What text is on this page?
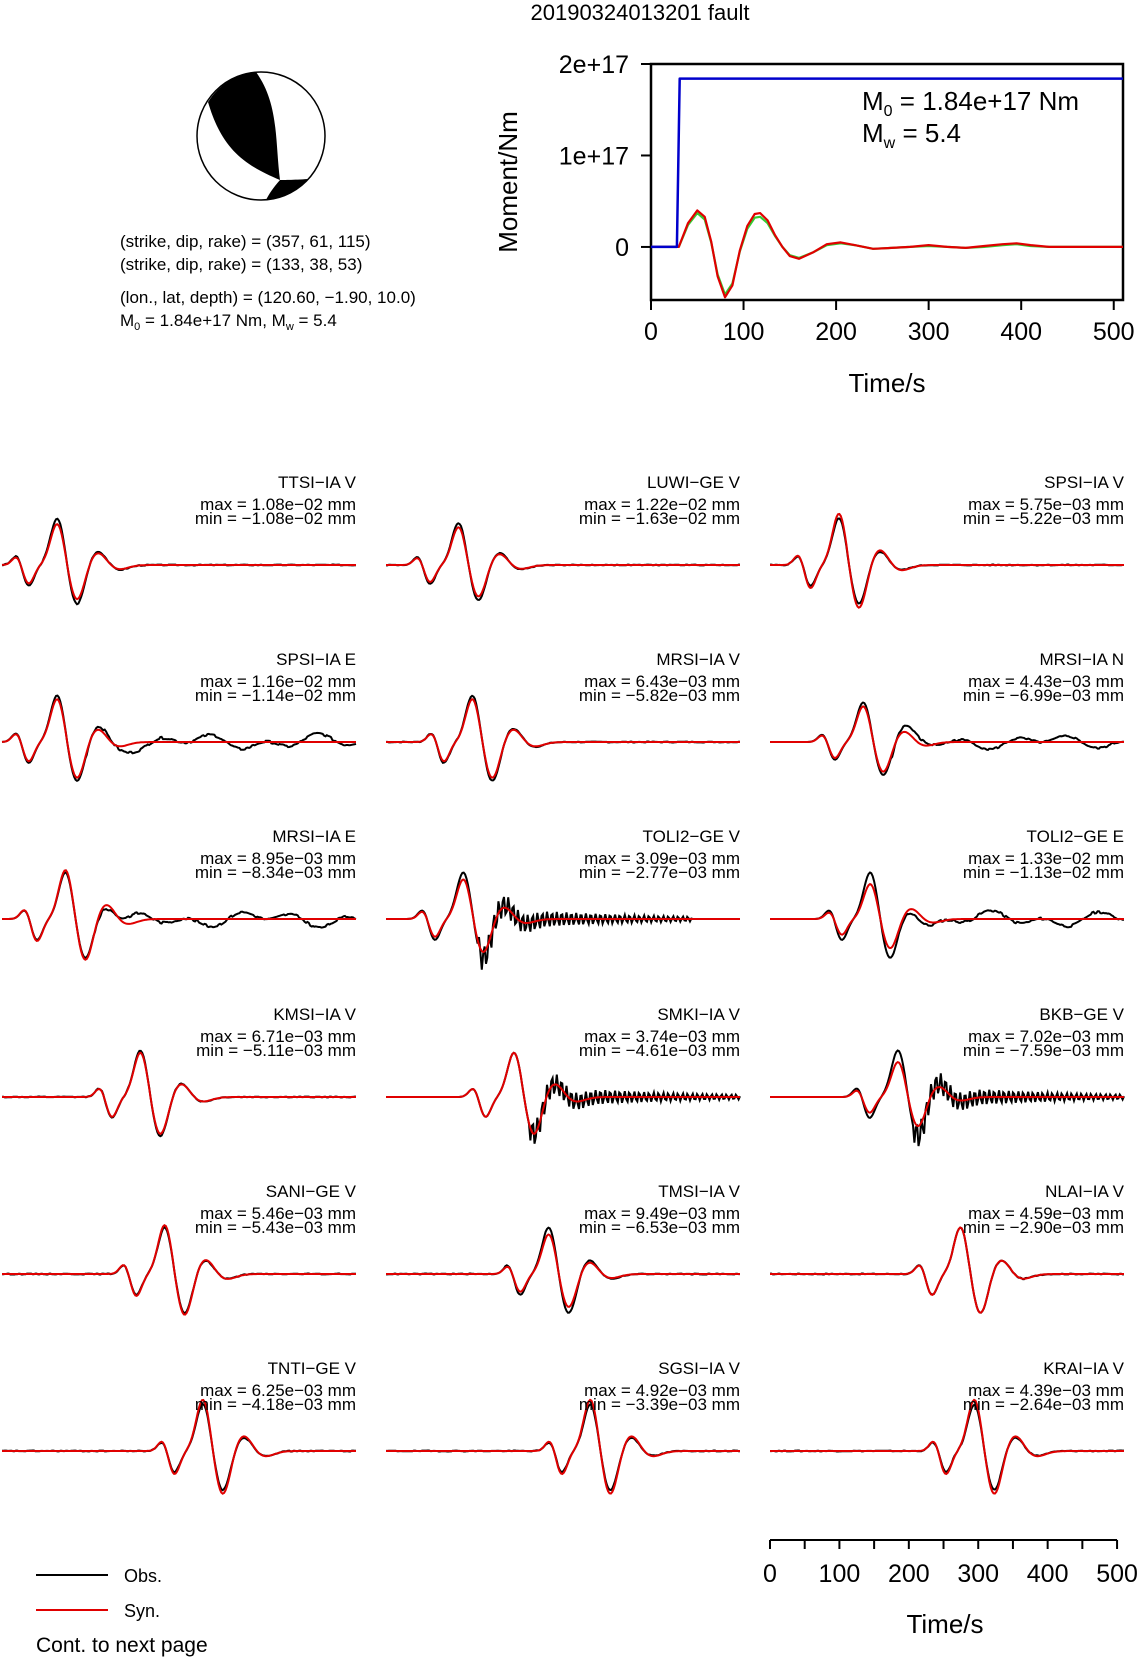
20190324013201 fault
(strike, dip, rake) = (357, 61, 115)
(strike, dip, rake) = (133, 38, 53)
(lon., lat, depth) = (120.60, −1.90, 10.0)
$M_0 = 1.84e+17$ Nm, $M_w = 5.4$	0	100 200 300 400 500
0
1e+17
2e+17
Moment/Nm
Time/s
$M_0 = 1.84e+17$ Nm
$M_w = 5.4$
TTSI−IA V
max = 1.08e−02 mm
min = −1.08e−02 mm
LUWI−GE V
max = 1.22e−02 mm
min = −1.63e−02 mm
SPSI−IA V
max = 5.75e−03 mm
min = −5.22e−03 mm
SPSI−IA E
max = 1.16e−02 mm
min = −1.14e−02 mm
MRSI−IA V
max = 6.43e−03 mm
min = −5.82e−03 mm
MRSI−IA N
max = 4.43e−03 mm
min = −6.99e−03 mm
MRSI−IA E
max = 8.95e−03 mm
min = −8.34e−03 mm
TOLI2−GE V
max = 3.09e−03 mm
min = −2.77e−03 mm
TOLI2−GE E
max = 1.33e−02 mm
min = −1.13e−02 mm
KMSI−IA V
max = 6.71e−03 mm
min = −5.11e−03 mm
SMKI−IA V
max = 3.74e−03 mm
min = −4.61e−03 mm
BKB−GE V
max = 7.02e−03 mm
min = −7.59e−03 mm
SANI−GE V
max = 5.46e−03 mm
min = −5.43e−03 mm
TMSI−IA V
max = 9.49e−03 mm
min = −6.53e−03 mm
NLAI−IA V
max = 4.59e−03 mm
min = −2.90e−03 mm
TNTI−GE V
max = 6.25e−03 mm
min = −4.18e−03 mm
SGSI−IA V
max = 4.92e−03 mm
min = −3.39e−03 mm
KRAI−IA V
max = 4.39e−03 mm
min = −2.64e−03 mm
0 100 200 300 400 500
Time/s
Obs.
Syn.
Cont. to next page
